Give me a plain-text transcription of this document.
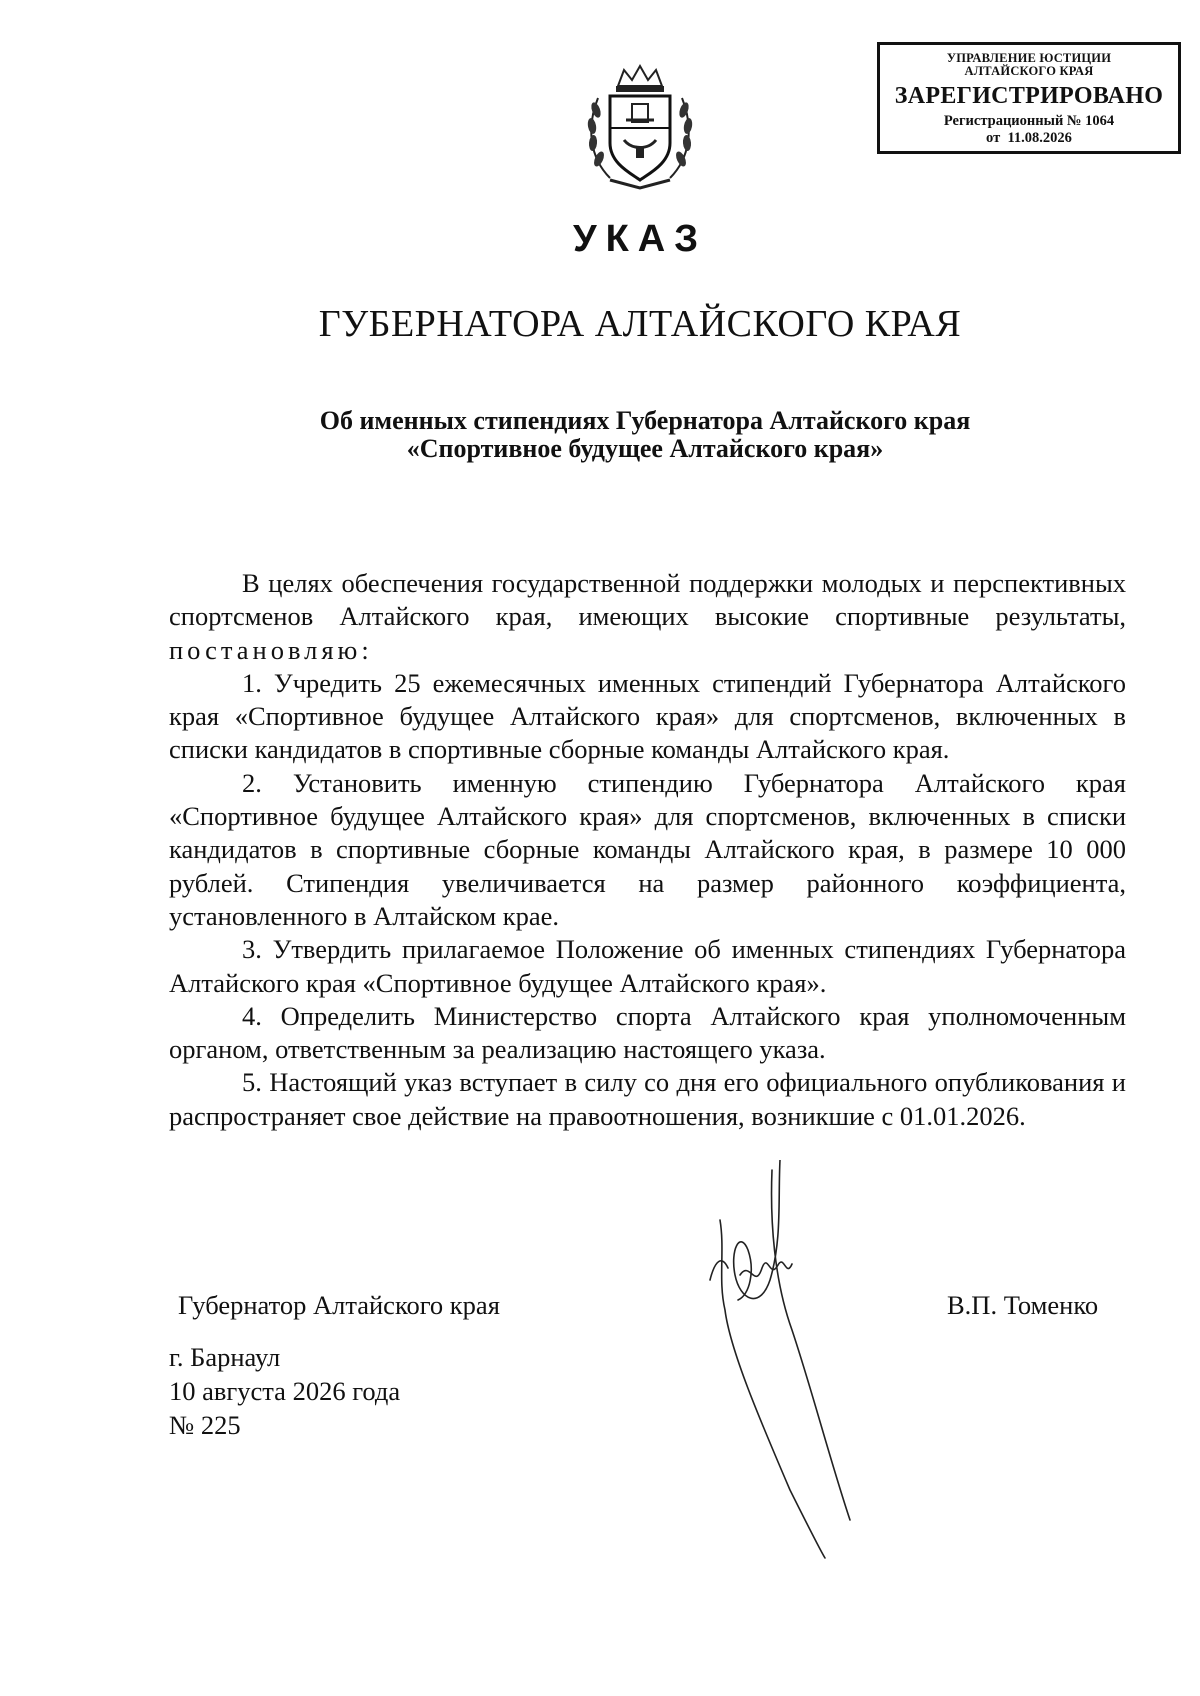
УПРАВЛЕНИЕ ЮСТИЦИИ
АЛТАЙСКОГО КРАЯ
ЗАРЕГИСТРИРОВАНО
Регистрационный № 1064
от  11.08.2026
УКАЗ
ГУБЕРНАТОРА АЛТАЙСКОГО КРАЯ
Об именных стипендиях Губернатора Алтайского края
«Спортивное будущее Алтайского края»

В целях обеспечения государственной поддержки молодых и перспективных спортсменов Алтайского края, имеющих высокие спортивные результаты, постановляю:

1. Учредить 25 ежемесячных именных стипендий Губернатора Алтайского края «Спортивное будущее Алтайского края» для спортсменов, включенных в списки кандидатов в спортивные сборные команды Алтайского края.

2. Установить именную стипендию Губернатора Алтайского края «Спортивное будущее Алтайского края» для спортсменов, включенных в списки кандидатов в спортивные сборные команды Алтайского края, в размере 10 000 рублей. Стипендия увеличивается на размер районного коэффициента, установленного в Алтайском крае.

3. Утвердить прилагаемое Положение об именных стипендиях Губернатора Алтайского края «Спортивное будущее Алтайского края».

4. Определить Министерство спорта Алтайского края уполномоченным органом, ответственным за реализацию настоящего указа.

5. Настоящий указ вступает в силу со дня его официального опубликования и распространяет свое действие на правоотношения, возникшие с 01.01.2026.

Губернатор Алтайского края	В.П. Томенко
г. Барнаул
10 августа 2026 года
№ 225
